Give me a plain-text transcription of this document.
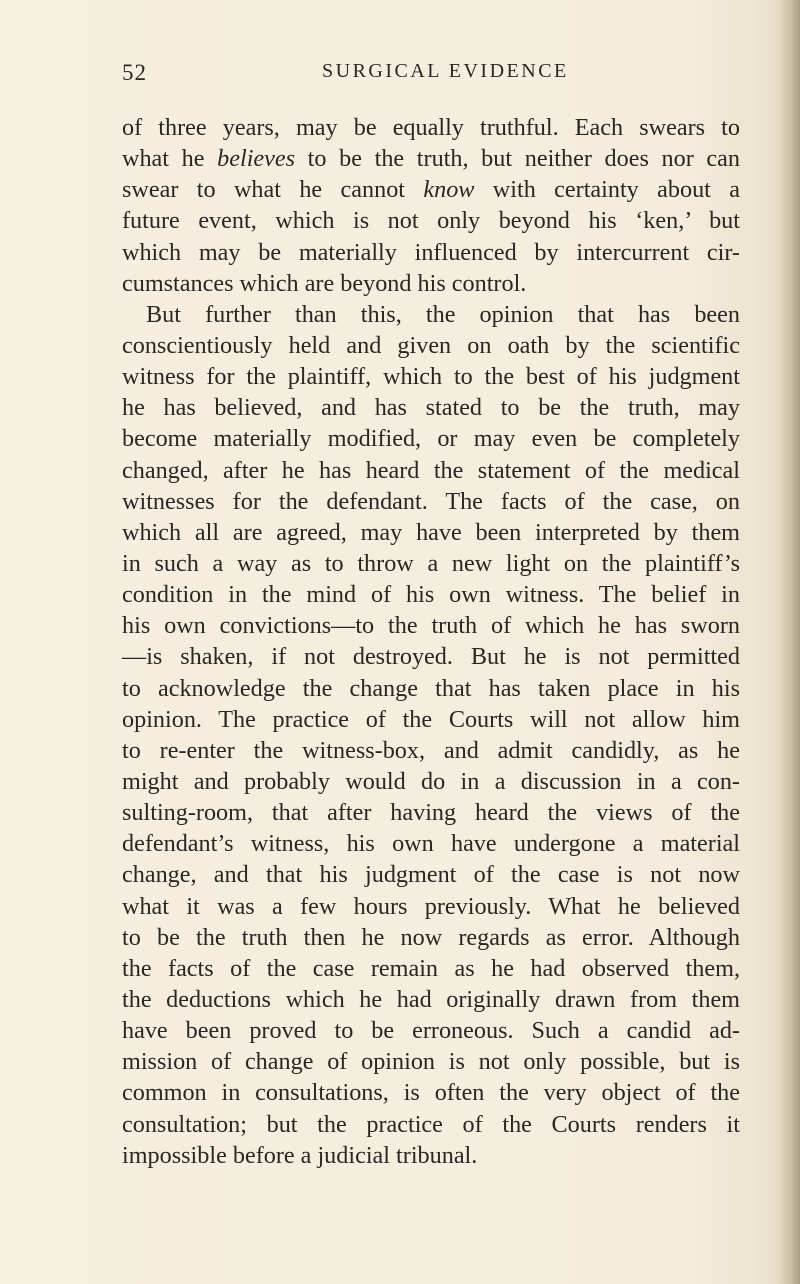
52	SURGICAL EVIDENCE
of three years, may be equally truthful. Each swears to
what he believes to be the truth, but neither does nor can
swear to what he cannot know with certainty about a
future event, which is not only beyond his ‘ken,’ but
which may be materially influenced by intercurrent cir-
cumstances which are beyond his control.
But further than this, the opinion that has been
conscientiously held and given on oath by the scientific
witness for the plaintiff, which to the best of his judgment
he has believed, and has stated to be the truth, may
become materially modified, or may even be completely
changed, after he has heard the statement of the medical
witnesses for the defendant. The facts of the case, on
which all are agreed, may have been interpreted by them
in such a way as to throw a new light on the plaintiff’s
condition in the mind of his own witness. The belief in
his own convictions—to the truth of which he has sworn
—is shaken, if not destroyed. But he is not permitted
to acknowledge the change that has taken place in his
opinion. The practice of the Courts will not allow him
to re-enter the witness-box, and admit candidly, as he
might and probably would do in a discussion in a con-
sulting-room, that after having heard the views of the
defendant’s witness, his own have undergone a material
change, and that his judgment of the case is not now
what it was a few hours previously. What he believed
to be the truth then he now regards as error. Although
the facts of the case remain as he had observed them,
the deductions which he had originally drawn from them
have been proved to be erroneous. Such a candid ad-
mission of change of opinion is not only possible, but is
common in consultations, is often the very object of the
consultation; but the practice of the Courts renders it
impossible before a judicial tribunal.
